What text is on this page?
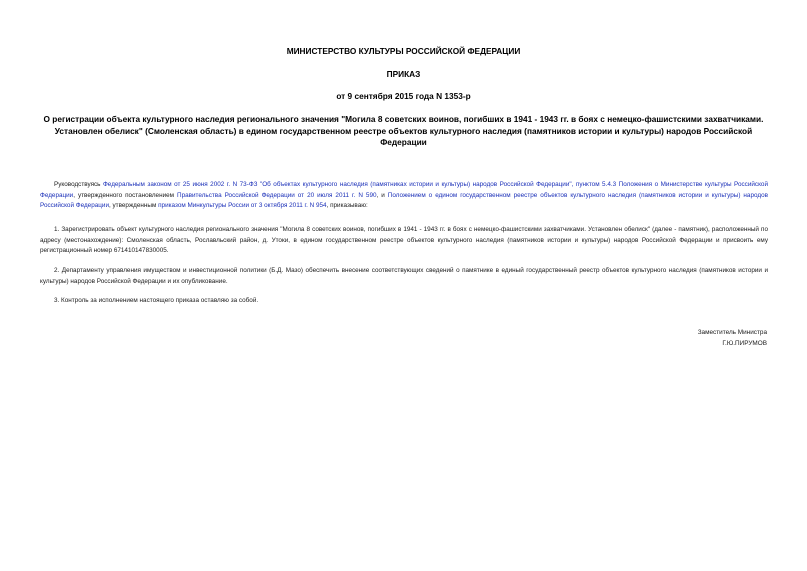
МИНИСТЕРСТВО КУЛЬТУРЫ РОССИЙСКОЙ ФЕДЕРАЦИИ
ПРИКАЗ
от 9 сентября 2015 года N 1353-р
О регистрации объекта культурного наследия регионального значения "Могила 8 советских воинов, погибших в 1941 - 1943 гг. в боях с немецко-фашистскими захватчиками. Установлен обелиск" (Смоленская область) в едином государственном реестре объектов культурного наследия (памятников истории и культуры) народов Российской Федерации
Руководствуясь Федеральным законом от 25 июня 2002 г. N 73-ФЗ "Об объектах культурного наследия (памятниках истории и культуры) народов Российской Федерации", пунктом 5.4.3 Положения о Министерстве культуры Российской Федерации, утвержденного постановлением Правительства Российской Федерации от 20 июля 2011 г. N 590, и Положением о едином государственном реестре объектов культурного наследия (памятников истории и культуры) народов Российской Федерации, утвержденным приказом Минкультуры России от 3 октября 2011 г. N 954, приказываю:
1. Зарегистрировать объект культурного наследия регионального значения "Могила 8 советских воинов, погибших в 1941 - 1943 гг. в боях с немецко-фашистскими захватчиками. Установлен обелиск" (далее - памятник), расположенный по адресу (местонахождение): Смоленская область, Рославльский район, д. Утоки, в едином государственном реестре объектов культурного наследия (памятников истории и культуры) народов Российской Федерации и присвоить ему регистрационный номер 671410147830005.
2. Департаменту управления имуществом и инвестиционной политики (Б.Д. Мазо) обеспечить внесение соответствующих сведений о памятнике в единый государственный реестр объектов культурного наследия (памятников истории и культуры) народов Российской Федерации и их опубликование.
3. Контроль за исполнением настоящего приказа оставляю за собой.
Заместитель Министра
Г.Ю.ПИРУМОВ
